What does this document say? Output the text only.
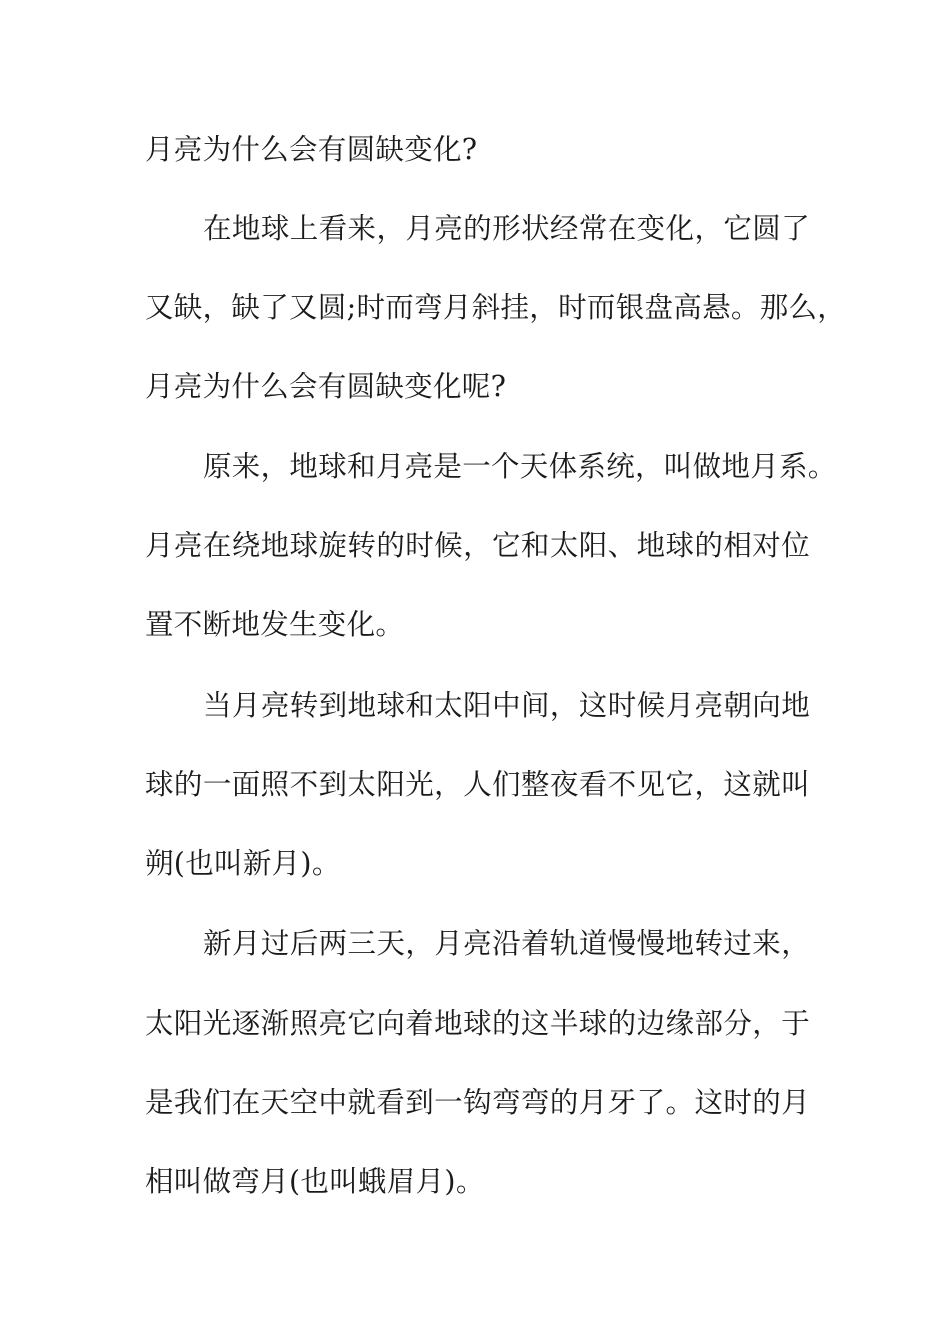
月亮为什么会有圆缺变化?
在地球上看来，月亮的形状经常在变化，它圆了
又缺，缺了又圆;时而弯月斜挂，时而银盘高悬。那么，
月亮为什么会有圆缺变化呢?
原来，地球和月亮是一个天体系统，叫做地月系。
月亮在绕地球旋转的时候，它和太阳、地球的相对位
置不断地发生变化。
当月亮转到地球和太阳中间，这时候月亮朝向地
球的一面照不到太阳光，人们整夜看不见它，这就叫
朔(也叫新月)。
新月过后两三天，月亮沿着轨道慢慢地转过来，
太阳光逐渐照亮它向着地球的这半球的边缘部分，于
是我们在天空中就看到一钩弯弯的月牙了。这时的月
相叫做弯月(也叫蛾眉月)。
